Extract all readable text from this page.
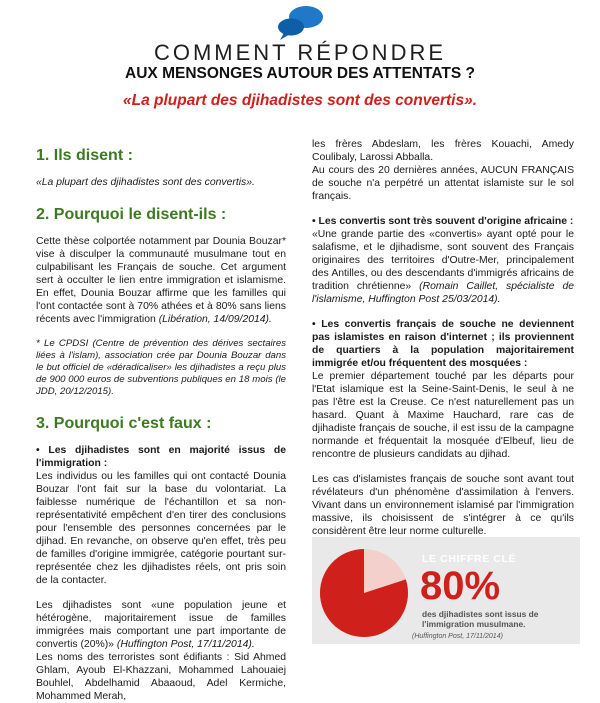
COMMENT RÉPONDRE
AUX MENSONGES AUTOUR DES ATTENTATS ?
«La plupart des djihadistes sont des convertis».
1. Ils disent :

«La plupart des djihadistes sont des convertis».

2. Pourquoi le disent-ils :

Cette thèse colportée notamment par Dounia Bouzar* vise à disculper la communauté musulmane tout en culpabilisant les Français de souche. Cet argument sert à occulter le lien entre immigration et islamisme. En effet, Dounia Bouzar affirme que les familles qui l'ont contactée sont à 70% athées et à 80% sans liens récents avec l'immigration (Libération, 14/09/2014).

* Le CPDSI (Centre de prévention des dérives sectaires liées à l'islam), association crée par Dounia Bouzar dans le but officiel de «déradicaliser» les djihadistes a reçu plus de 900 000 euros de subventions publiques en 18 mois (le JDD, 20/12/2015).

3. Pourquoi c'est faux :

• Les djihadistes sont en majorité issus de l'immigration :

Les individus ou les familles qui ont contacté Dounia Bouzar l'ont fait sur la base du volontariat. La faiblesse numérique de l'échantillon et sa non-représentativité empêchent d'en tirer des conclusions pour l'ensemble des personnes concernées par le djihad. En revanche, on observe qu'en effet, très peu de familles d'origine immigrée, catégorie pourtant sur-représentée chez les djihadistes réels, ont pris soin de la contacter.

Les djihadistes sont «une population jeune et hétérogène, majoritairement issue de familles immigrées mais comportant une part importante de convertis (20%)» (Huffington Post, 17/11/2014).

Les noms des terroristes sont édifiants : Sid Ahmed Ghlam, Ayoub El-Khazzani, Mohammed Lahouaiej Bouhlel, Abdelhamid Abaaoud, Adel Kermiche, Mohammed Merah,

les frères Abdeslam, les frères Kouachi, Amedy Coulibaly, Larossi Abballa.

Au cours des 20 dernières années, AUCUN FRANÇAIS de souche n'a perpétré un attentat islamiste sur le sol français.

• Les convertis sont très souvent d'origine africaine :

«Une grande partie des «convertis» ayant opté pour le salafisme, et le djihadisme, sont souvent des Français originaires des territoires d'Outre-Mer, principalement des Antilles, ou des descendants d'immigrés africains de tradition chrétienne» (Romain Caillet, spécialiste de l'islamisme, Huffington Post 25/03/2014).

• Les convertis français de souche ne deviennent pas islamistes en raison d'internet ; ils proviennent de quartiers à la population majoritairement immigrée et/ou fréquentent des mosquées :

Le premier département touché par les départs pour l'Etat islamique est la Seine-Saint-Denis, le seul à ne pas l'être est la Creuse. Ce n'est naturellement pas un hasard. Quant à Maxime Hauchard, rare cas de djihadiste français de souche, il est issu de la campagne normande et fréquentait la mosquée d'Elbeuf, lieu de rencontre de plusieurs candidats au djihad.

Les cas d'islamistes français de souche sont avant tout révélateurs d'un phénomène d'assimilation à l'envers. Vivant dans un environnement islamisé par l'immigration massive, ils choisissent de s'intégrer à ce qu'ils considèrent être leur norme culturelle.

LE CHIFFRE CLÉ
80%
des djihadistes sont issus de l'immigration musulmane.
(Huffington Post, 17/11/2014)
